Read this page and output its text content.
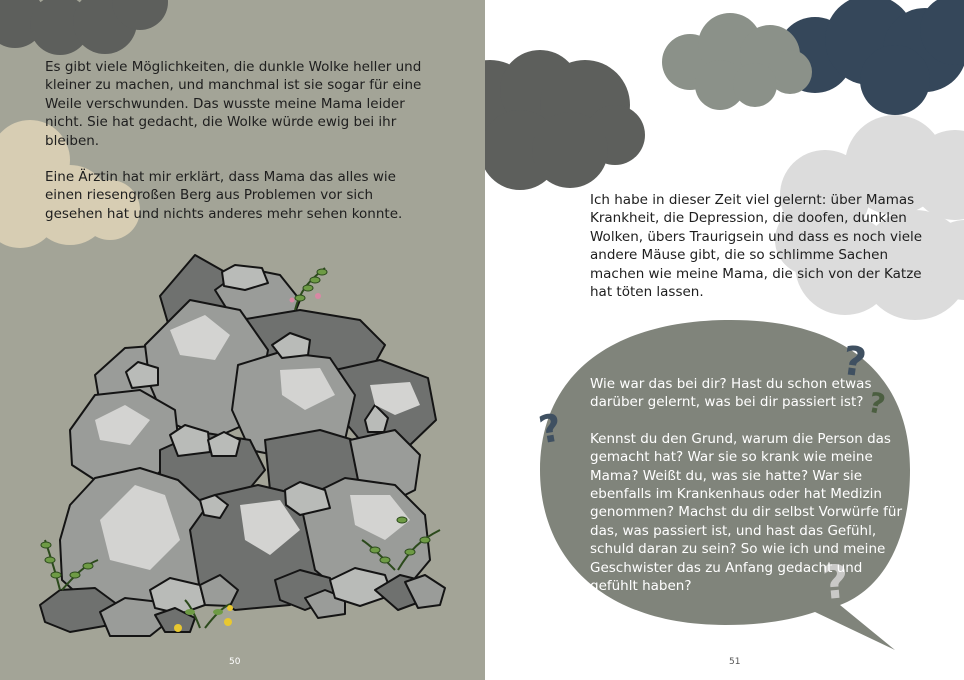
Es gibt viele Möglichkeiten, die dunkle Wolke heller und kleiner zu machen, und manchmal ist sie sogar für eine Weile verschwunden. Das wusste meine Mama leider nicht. Sie hat gedacht, die Wolke würde ewig bei ihr bleiben.

Eine Ärztin hat mir erklärt, dass Mama das alles wie einen riesengroßen Berg aus Problemen vor sich gesehen hat und nichts anderes mehr sehen konnte.

50
?
?
?
?
Ich habe in dieser Zeit viel gelernt: über Mamas Krankheit, die Depression, die doofen, dunklen Wolken, übers Traurigsein und dass es noch viele andere Mäuse gibt, die so schlimme Sachen machen wie meine Mama, die sich von der Katze hat töten lassen.

Wie war das bei dir? Hast du schon etwas darüber gelernt, was bei dir passiert ist?

Kennst du den Grund, warum die Person das gemacht hat? War sie so krank wie meine Mama? Weißt du, was sie hatte? War sie ebenfalls im Krankenhaus oder hat Medizin genommen? Machst du dir selbst Vorwürfe für das, was passiert ist, und hast das Gefühl, schuld daran zu sein? So wie ich und meine Geschwister das zu Anfang gedacht und gefühlt haben?

51
